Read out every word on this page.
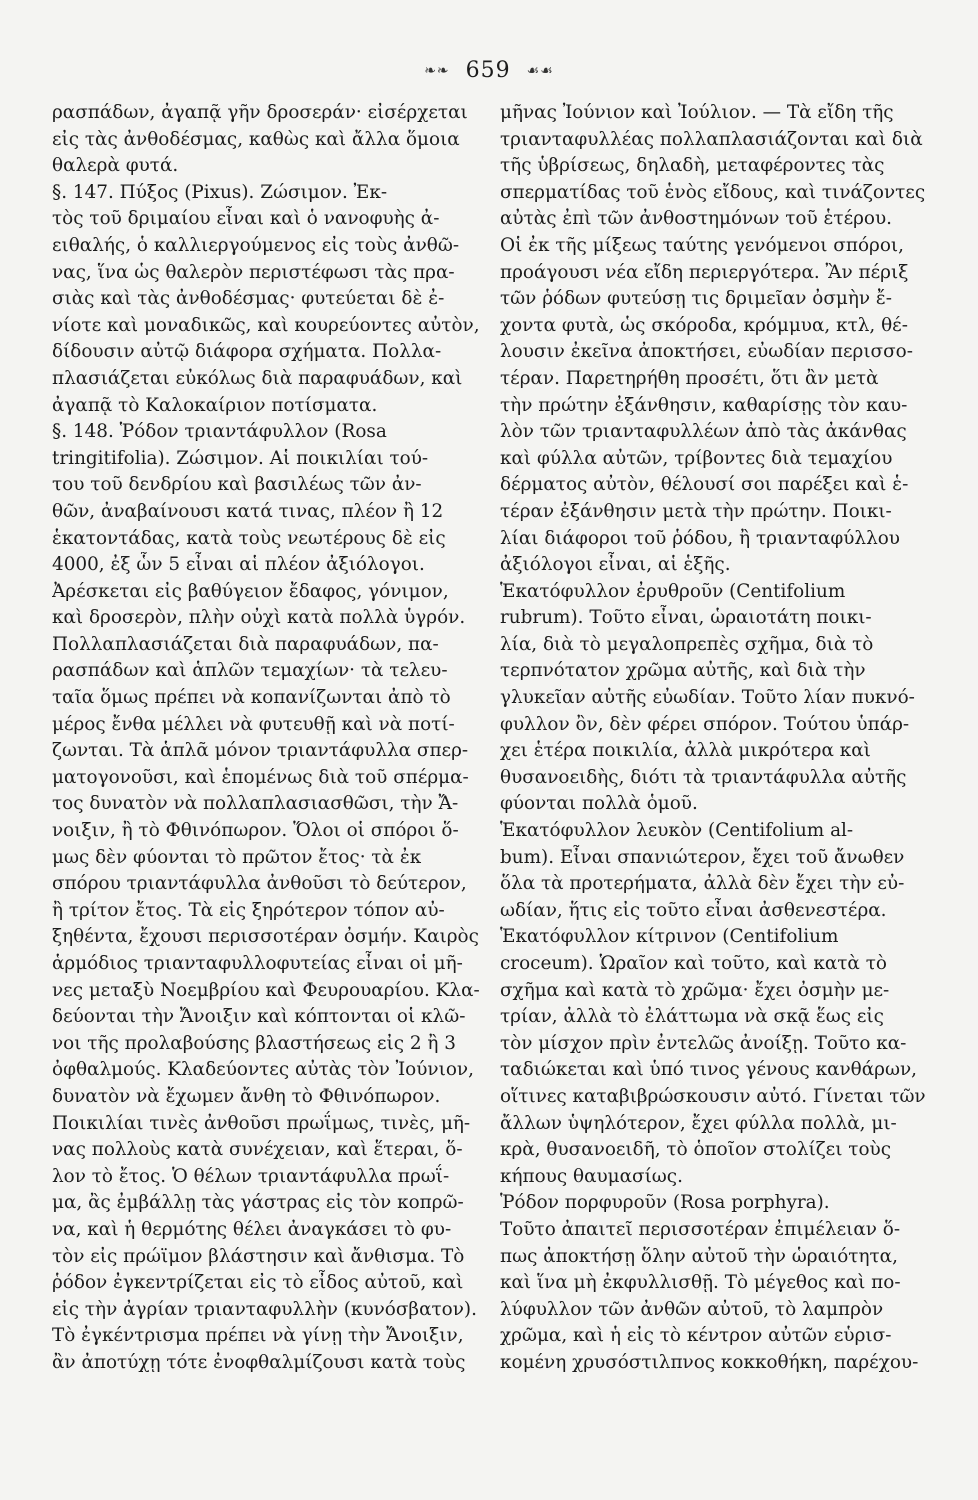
❧❧ 659 ☙☙
ρασπάδων, ἀγαπᾷ γῆν δροσεράν· εἰσέρχεται
εἰς τὰς ἀνθοδέσμας, καθὼς καὶ ἄλλα ὅμοια
θαλερὰ φυτά.
§. 147. Πύξος (Pixus). Ζώσιμον. Ἐκ-
τὸς τοῦ δριμαίου εἶναι καὶ ὁ νανοφυὴς ἀ-
ειθαλής, ὁ καλλιεργούμενος εἰς τοὺς ἀνθῶ-
νας, ἵνα ὡς θαλερὸν περιστέφωσι τὰς πρα-
σιὰς καὶ τὰς ἀνθοδέσμας· φυτεύεται δὲ ἐ-
νίοτε καὶ μοναδικῶς, καὶ κουρεύοντες αὐτὸν,
δίδουσιν αὐτῷ διάφορα σχήματα. Πολλα-
πλασιάζεται εὐκόλως διὰ παραφυάδων, καὶ
ἀγαπᾷ τὸ Καλοκαίριον ποτίσματα.
§. 148. Ῥόδον τριαντάφυλλον (Rosa
tringitifolia). Ζώσιμον. Αἱ ποικιλίαι τού-
του τοῦ δενδρίου καὶ βασιλέως τῶν ἀν-
θῶν, ἀναβαίνουσι κατά τινας, πλέον ἢ 12
ἑκατοντάδας, κατὰ τοὺς νεωτέρους δὲ εἰς
4000, ἐξ ὧν 5 εἶναι αἱ πλέον ἀξιόλογοι.
Ἀρέσκεται εἰς βαθύγειον ἔδαφος, γόνιμον,
καὶ δροσερὸν, πλὴν οὐχὶ κατὰ πολλὰ ὑγρόν.
Πολλαπλασιάζεται διὰ παραφυάδων, πα-
ρασπάδων καὶ ἁπλῶν τεμαχίων· τὰ τελευ-
ταῖα ὅμως πρέπει νὰ κοπανίζωνται ἀπὸ τὸ
μέρος ἔνθα μέλλει νὰ φυτευθῇ καὶ νὰ ποτί-
ζωνται. Τὰ ἁπλᾶ μόνον τριαντάφυλλα σπερ-
ματογονοῦσι, καὶ ἑπομένως διὰ τοῦ σπέρμα-
τος δυνατὸν νὰ πολλαπλασιασθῶσι, τὴν Ἄ-
νοιξιν, ἢ τὸ Φθινόπωρον. Ὅλοι οἱ σπόροι ὅ-
μως δὲν φύονται τὸ πρῶτον ἔτος· τὰ ἐκ
σπόρου τριαντάφυλλα ἀνθοῦσι τὸ δεύτερον,
ἢ τρίτον ἔτος. Τὰ εἰς ξηρότερον τόπον αὐ-
ξηθέντα, ἔχουσι περισσοτέραν ὀσμήν. Καιρὸς
ἁρμόδιος τριανταφυλλοφυτείας εἶναι οἱ μῆ-
νες μεταξὺ Νοεμβρίου καὶ Φευρουαρίου. Κλα-
δεύονται τὴν Ἄνοιξιν καὶ κόπτονται οἱ κλῶ-
νοι τῆς προλαβούσης βλαστήσεως εἰς 2 ἢ 3
ὀφθαλμούς. Κλαδεύοντες αὐτὰς τὸν Ἰούνιον,
δυνατὸν νὰ ἔχωμεν ἄνθη τὸ Φθινόπωρον.
Ποικιλίαι τινὲς ἀνθοῦσι πρωΐμως, τινὲς, μῆ-
νας πολλοὺς κατὰ συνέχειαν, καὶ ἕτεραι, ὅ-
λον τὸ ἔτος. Ὁ θέλων τριαντάφυλλα πρωΐ-
μα, ἂς ἐμβάλλῃ τὰς γάστρας εἰς τὸν κοπρῶ-
να, καὶ ἡ θερμότης θέλει ἀναγκάσει τὸ φυ-
τὸν εἰς πρώϊμον βλάστησιν καὶ ἄνθισμα. Τὸ
ῥόδον ἐγκεντρίζεται εἰς τὸ εἶδος αὐτοῦ, καὶ
εἰς τὴν ἀγρίαν τριανταφυλλὴν (κυνόσβατον).
Τὸ ἐγκέντρισμα πρέπει νὰ γίνῃ τὴν Ἄνοιξιν,
ἂν ἀποτύχῃ τότε ἐνοφθαλμίζουσι κατὰ τοὺς
μῆνας Ἰούνιον καὶ Ἰούλιον. — Τὰ εἴδη τῆς
τριανταφυλλέας πολλαπλασιάζονται καὶ διὰ
τῆς ὑβρίσεως, δηλαδὴ, μεταφέροντες τὰς
σπερματίδας τοῦ ἑνὸς εἴδους, καὶ τινάζοντες
αὐτὰς ἐπὶ τῶν ἀνθοστημόνων τοῦ ἑτέρου.
Οἱ ἐκ τῆς μίξεως ταύτης γενόμενοι σπόροι,
προάγουσι νέα εἴδη περιεργότερα. Ἂν πέριξ
τῶν ῥόδων φυτεύσῃ τις δριμεῖαν ὀσμὴν ἔ-
χοντα φυτὰ, ὡς σκόροδα, κρόμμυα, κτλ, θέ-
λουσιν ἐκεῖνα ἀποκτήσει, εὐωδίαν περισσο-
τέραν. Παρετηρήθη προσέτι, ὅτι ἂν μετὰ
τὴν πρώτην ἐξάνθησιν, καθαρίσῃς τὸν καυ-
λὸν τῶν τριανταφυλλέων ἀπὸ τὰς ἀκάνθας
καὶ φύλλα αὐτῶν, τρίβοντες διὰ τεμαχίου
δέρματος αὐτὸν, θέλουσί σοι παρέξει καὶ ἑ-
τέραν ἐξάνθησιν μετὰ τὴν πρώτην. Ποικι-
λίαι διάφοροι τοῦ ῥόδου, ἢ τριανταφύλλου
ἀξιόλογοι εἶναι, αἱ ἑξῆς.
Ἑκατόφυλλον ἐρυθροῦν (Centifolium
rubrum). Τοῦτο εἶναι, ὡραιοτάτη ποικι-
λία, διὰ τὸ μεγαλοπρεπὲς σχῆμα, διὰ τὸ
τερπνότατον χρῶμα αὐτῆς, καὶ διὰ τὴν
γλυκεῖαν αὐτῆς εὐωδίαν. Τοῦτο λίαν πυκνό-
φυλλον ὂν, δὲν φέρει σπόρον. Τούτου ὑπάρ-
χει ἑτέρα ποικιλία, ἀλλὰ μικρότερα καὶ
θυσανοειδὴς, διότι τὰ τριαντάφυλλα αὐτῆς
φύονται πολλὰ ὁμοῦ.
Ἑκατόφυλλον λευκὸν (Centifolium al-
bum). Εἶναι σπανιώτερον, ἔχει τοῦ ἄνωθεν
ὅλα τὰ προτερήματα, ἀλλὰ δὲν ἔχει τὴν εὐ-
ωδίαν, ἥτις εἰς τοῦτο εἶναι ἀσθενεστέρα.
Ἑκατόφυλλον κίτρινον (Centifolium
croceum). Ὡραῖον καὶ τοῦτο, καὶ κατὰ τὸ
σχῆμα καὶ κατὰ τὸ χρῶμα· ἔχει ὀσμὴν με-
τρίαν, ἀλλὰ τὸ ἐλάττωμα νὰ σκᾷ ἕως εἰς
τὸν μίσχον πρὶν ἐντελῶς ἀνοίξῃ. Τοῦτο κα-
ταδιώκεται καὶ ὑπό τινος γένους κανθάρων,
οἵτινες καταβιβρώσκουσιν αὐτό. Γίνεται τῶν
ἄλλων ὑψηλότερον, ἔχει φύλλα πολλὰ, μι-
κρὰ, θυσανοειδῆ, τὸ ὁποῖον στολίζει τοὺς
κήπους θαυμασίως.
Ῥόδον πορφυροῦν (Rosa porphyra).
Τοῦτο ἀπαιτεῖ περισσοτέραν ἐπιμέλειαν ὅ-
πως ἀποκτήσῃ ὅλην αὐτοῦ τὴν ὡραιότητα,
καὶ ἵνα μὴ ἐκφυλλισθῇ. Τὸ μέγεθος καὶ πο-
λύφυλλον τῶν ἀνθῶν αὐτοῦ, τὸ λαμπρὸν
χρῶμα, καὶ ἡ εἰς τὸ κέντρον αὐτῶν εὑρισ-
κομένη χρυσόστιλπνος κοκκοθήκη, παρέχου-
